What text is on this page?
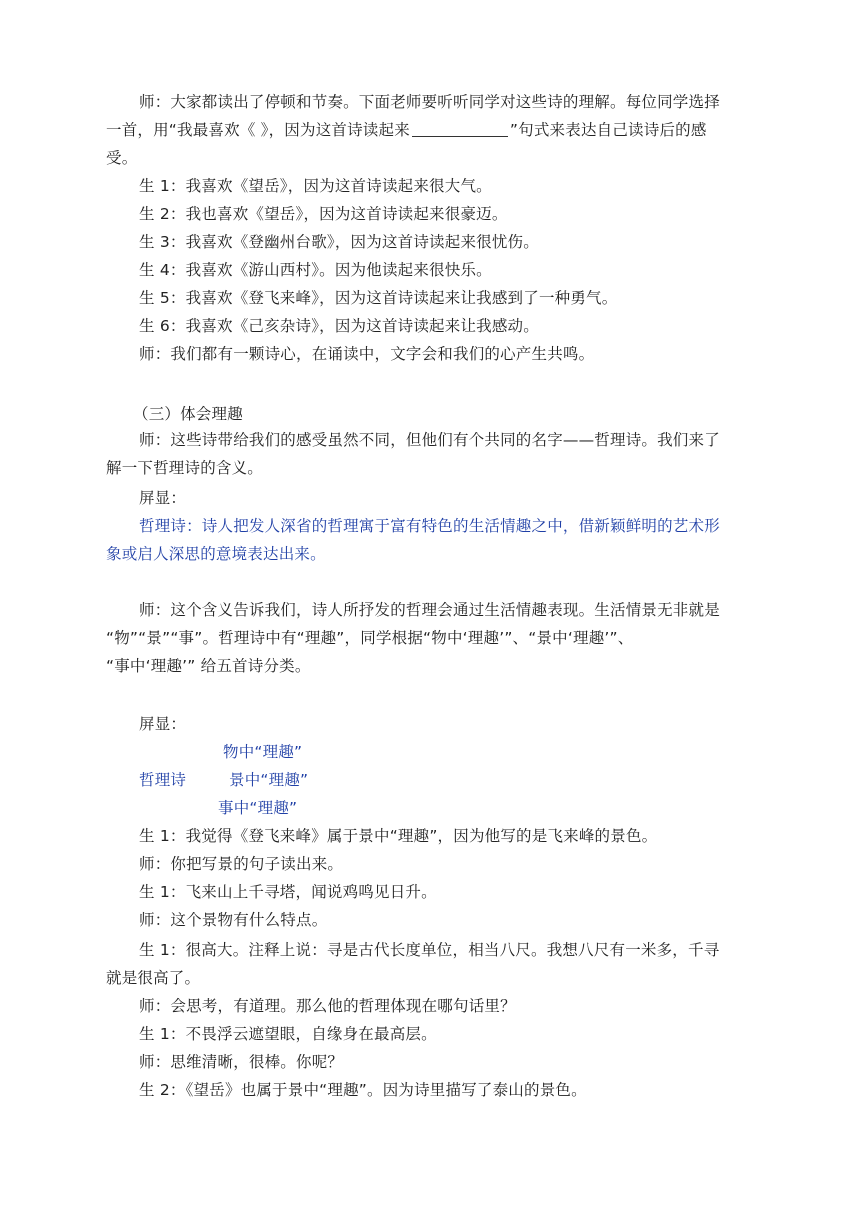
师：大家都读出了停顿和节奏。下面老师要听听同学对这些诗的理解。每位同学选择
一首，用“我最喜欢《 》，因为这首诗读起来	”句式来表达自己读诗后的感
受。
生 1：我喜欢《望岳》，因为这首诗读起来很大气。
生 2：我也喜欢《望岳》，因为这首诗读起来很豪迈。
生 3：我喜欢《登幽州台歌》，因为这首诗读起来很忧伤。
生 4：我喜欢《游山西村》。因为他读起来很快乐。
生 5：我喜欢《登飞来峰》，因为这首诗读起来让我感到了一种勇气。
生 6：我喜欢《己亥杂诗》，因为这首诗读起来让我感动。
师：我们都有一颗诗心，在诵读中，文字会和我们的心产生共鸣。
（三）体会理趣
师：这些诗带给我们的感受虽然不同，但他们有个共同的名字——哲理诗。我们来了
解一下哲理诗的含义。
屏显：
哲理诗：诗人把发人深省的哲理寓于富有特色的生活情趣之中，借新颖鲜明的艺术形
象或启人深思的意境表达出来。
师：这个含义告诉我们，诗人所抒发的哲理会通过生活情趣表现。生活情景无非就是
“物”“景”“事”。哲理诗中有“理趣”，同学根据“物中‘理趣’”、“景中‘理趣’”、
“事中‘理趣’” 给五首诗分类。
屏显：
物中“理趣”
哲理诗	景中“理趣”
事中“理趣”
生 1：我觉得《登飞来峰》属于景中“理趣”，因为他写的是飞来峰的景色。
师：你把写景的句子读出来。
生 1：飞来山上千寻塔，闻说鸡鸣见日升。
师：这个景物有什么特点。
生 1：很高大。注释上说：寻是古代长度单位，相当八尺。我想八尺有一米多，千寻
就是很高了。
师：会思考，有道理。那么他的哲理体现在哪句话里？
生 1：不畏浮云遮望眼，自缘身在最高层。
师：思维清晰，很棒。你呢？
生 2：《望岳》也属于景中“理趣”。因为诗里描写了泰山的景色。
